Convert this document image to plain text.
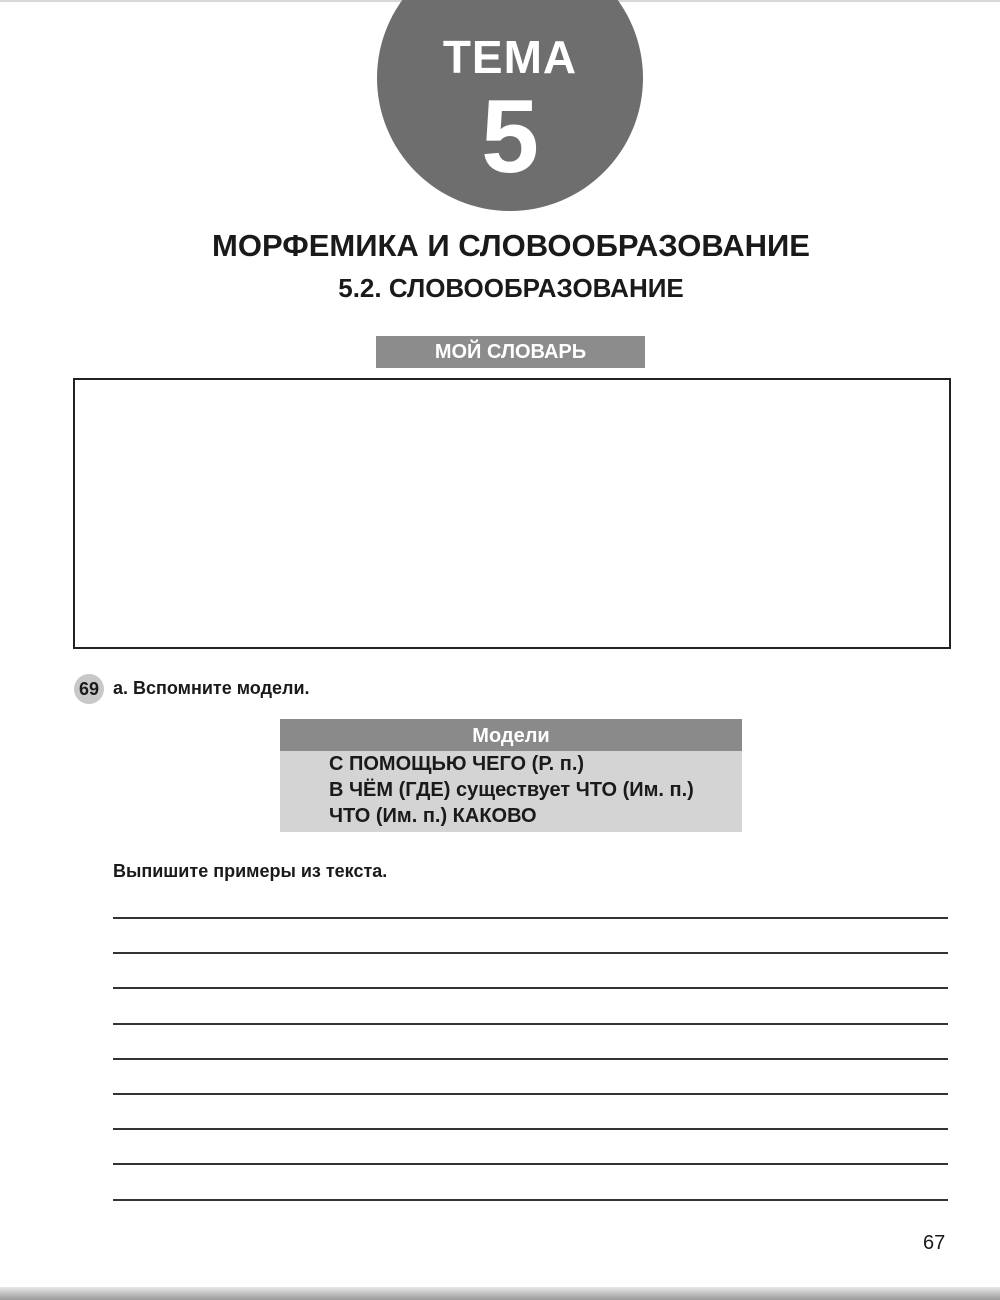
ТЕМА
5
МОРФЕМИКА И СЛОВООБРАЗОВАНИЕ
5.2. СЛОВООБРАЗОВАНИЕ
МОЙ СЛОВАРЬ
69 а. Вспомните модели.
Модели
С ПОМОЩЬЮ ЧЕГО (Р. п.)
В ЧЁМ (ГДЕ) существует ЧТО (Им. п.)
ЧТО (Им. п.) КАКОВО
Выпишите примеры из текста.
67
